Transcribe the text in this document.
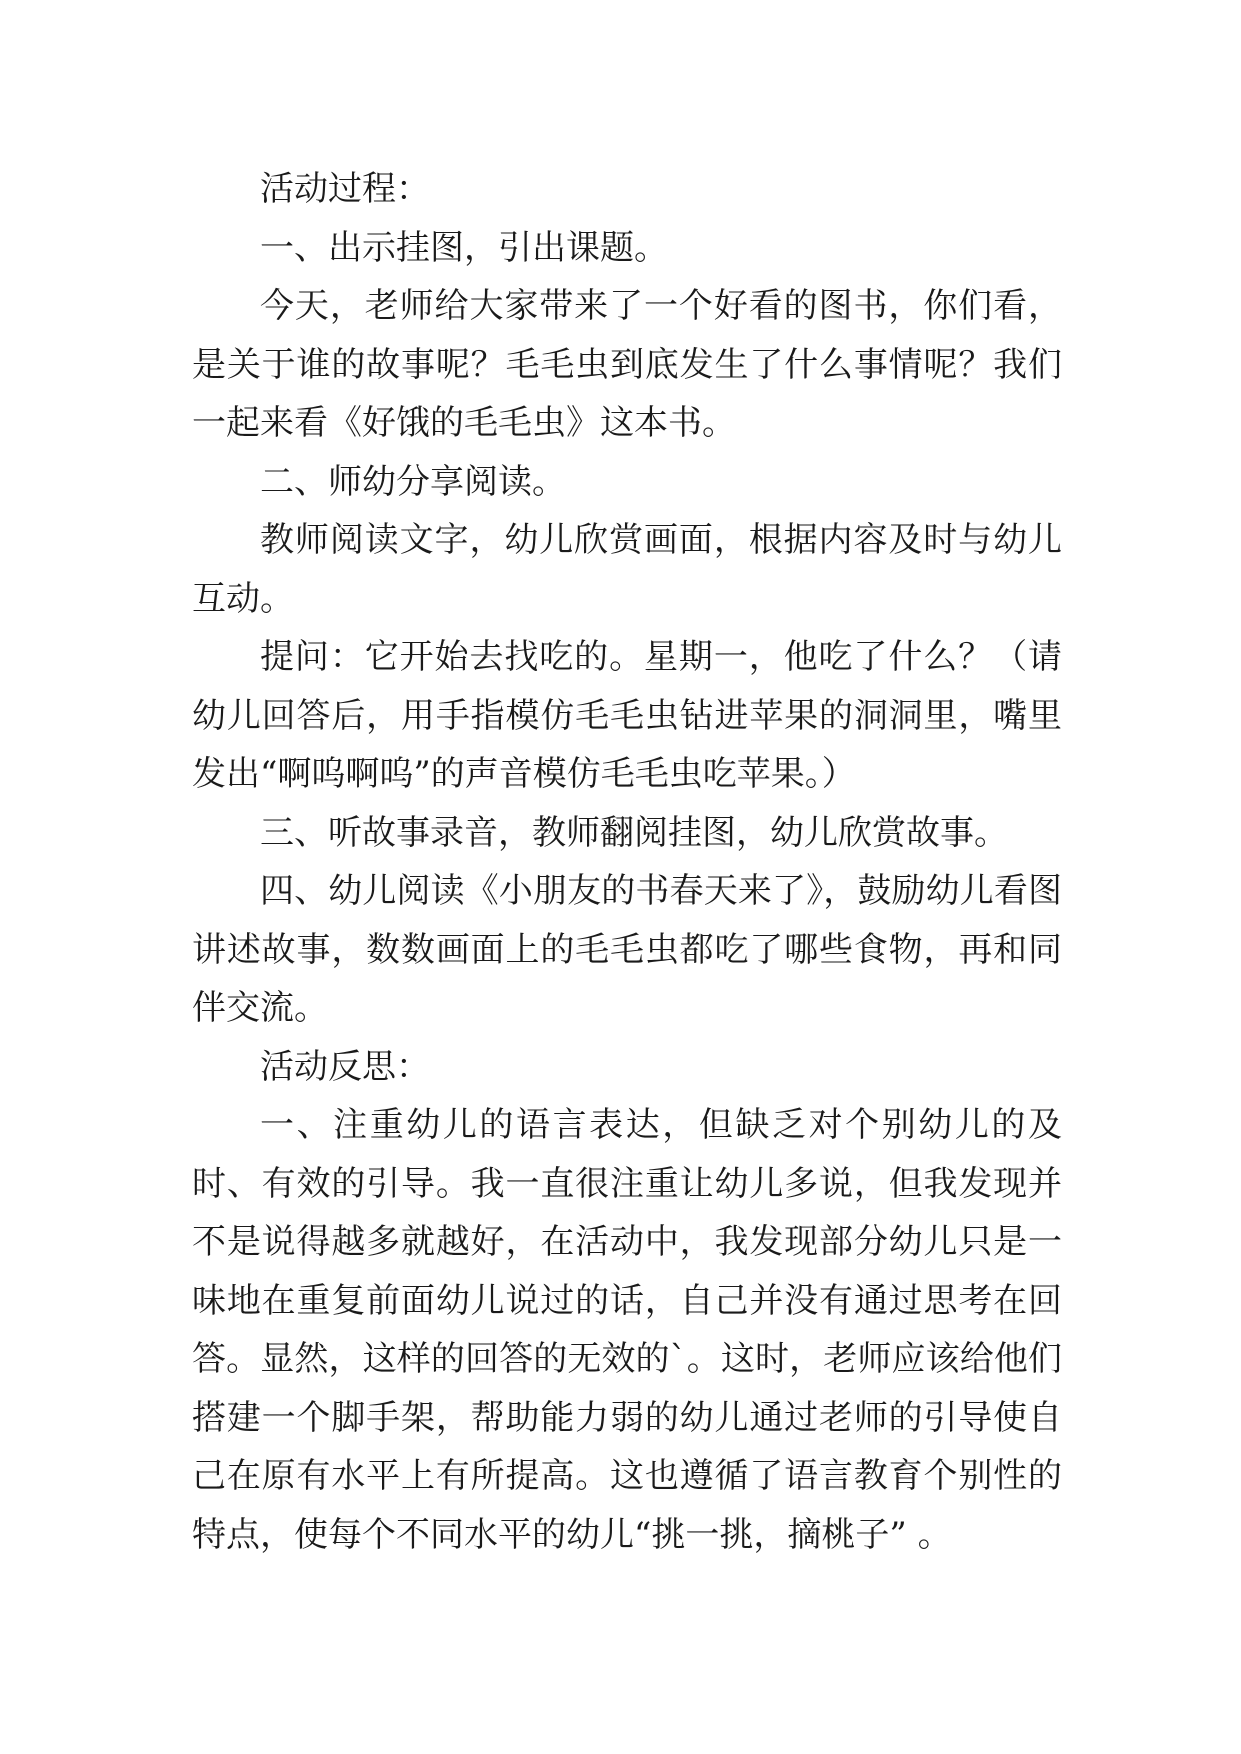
活动过程：

一、出示挂图，引出课题。

今天，老师给大家带来了一个好看的图书，你们看，是关于谁的故事呢？毛毛虫到底发生了什么事情呢？我们一起来看《好饿的毛毛虫》这本书。

二、师幼分享阅读。

教师阅读文字，幼儿欣赏画面，根据内容及时与幼儿互动。

提问：它开始去找吃的。星期一，他吃了什么？（请幼儿回答后，用手指模仿毛毛虫钻进苹果的洞洞里，嘴里发出“啊呜啊呜”的声音模仿毛毛虫吃苹果。）

三、听故事录音，教师翻阅挂图，幼儿欣赏故事。

四、幼儿阅读《小朋友的书春天来了》，鼓励幼儿看图讲述故事，数数画面上的毛毛虫都吃了哪些食物，再和同伴交流。

活动反思：

一、注重幼儿的语言表达，但缺乏对个别幼儿的及时、有效的引导。我一直很注重让幼儿多说，但我发现并不是说得越多就越好，在活动中，我发现部分幼儿只是一味地在重复前面幼儿说过的话，自己并没有通过思考在回答。显然，这样的回答的无效的`。这时，老师应该给他们搭建一个脚手架，帮助能力弱的幼儿通过老师的引导使自己在原有水平上有所提高。这也遵循了语言教育个别性的特点，使每个不同水平的幼儿“挑一挑，摘桃子” 。
